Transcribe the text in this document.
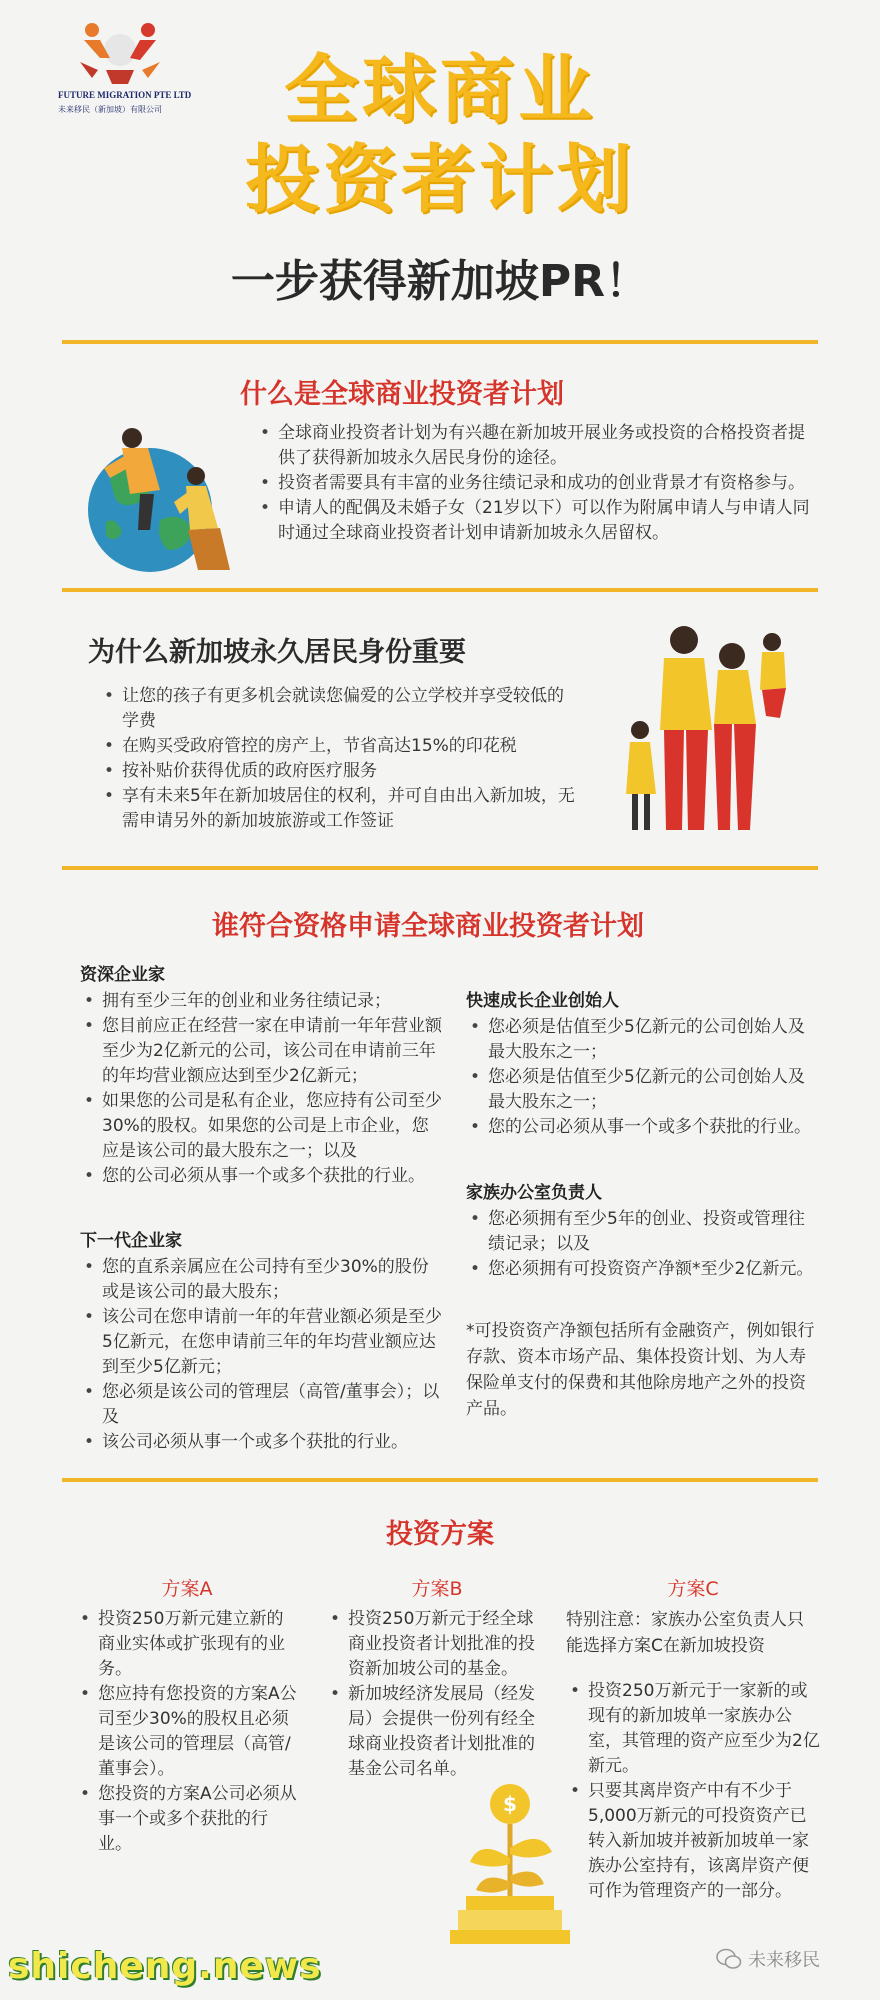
FUTURE MIGRATION PTE LTD
未来移民（新加坡）有限公司	全球商业
投资者计划
一步获得新加坡PR！
什么是全球商业投资者计划
• 全球商业投资者计划为有兴趣在新加坡开展业务或投资的合格投资者提供了获得新加坡永久居民身份的途径。
• 投资者需要具有丰富的业务往绩记录和成功的创业背景才有资格参与。
• 申请人的配偶及未婚子女（21岁以下）可以作为附属申请人与申请人同时通过全球商业投资者计划申请新加坡永久居留权。
为什么新加坡永久居民身份重要
• 让您的孩子有更多机会就读您偏爱的公立学校并享受较低的学费
• 在购买受政府管控的房产上，节省高达15%的印花税
• 按补贴价获得优质的政府医疗服务
• 享有未来5年在新加坡居住的权利，并可自由出入新加坡，无需申请另外的新加坡旅游或工作签证
谁符合资格申请全球商业投资者计划
资深企业家
• 拥有至少三年的创业和业务往绩记录；
• 您目前应正在经营一家在申请前一年年营业额至少为2亿新元的公司，该公司在申请前三年的年均营业额应达到至少2亿新元；
• 如果您的公司是私有企业，您应持有公司至少30%的股权。如果您的公司是上市企业，您应是该公司的最大股东之一；以及
• 您的公司必须从事一个或多个获批的行业。
下一代企业家
• 您的直系亲属应在公司持有至少30%的股份或是该公司的最大股东；
• 该公司在您申请前一年的年营业额必须是至少5亿新元，在您申请前三年的年均营业额应达到至少5亿新元；
• 您必须是该公司的管理层（高管/董事会）；以及
• 该公司必须从事一个或多个获批的行业。
快速成长企业创始人
• 您必须是估值至少5亿新元的公司创始人及最大股东之一；
• 您必须是估值至少5亿新元的公司创始人及最大股东之一；
• 您的公司必须从事一个或多个获批的行业。
家族办公室负责人
• 您必须拥有至少5年的创业、投资或管理往绩记录；以及
• 您必须拥有可投资资产净额*至少2亿新元。
*可投资资产净额包括所有金融资产，例如银行存款、资本市场产品、集体投资计划、为人寿保险单支付的保费和其他除房地产之外的投资产品。
投资方案
方案A
• 投资250万新元建立新的商业实体或扩张现有的业务。
• 您应持有您投资的方案A公司至少30%的股权且必须是该公司的管理层（高管/董事会）。
• 您投资的方案A公司必须从事一个或多个获批的行业。
方案B
• 投资250万新元于经全球商业投资者计划批准的投资新加坡公司的基金。
• 新加坡经济发展局（经发局）会提供一份列有经全球商业投资者计划批准的基金公司名单。
$
方案C
特别注意：家族办公室负责人只能选择方案C在新加坡投资
• 投资250万新元于一家新的或现有的新加坡单一家族办公室，其管理的资产应至少为2亿新元。
• 只要其离岸资产中有不少于5,000万新元的可投资资产已转入新加坡并被新加坡单一家族办公室持有，该离岸资产便可作为管理资产的一部分。
shicheng.news	未来移民
